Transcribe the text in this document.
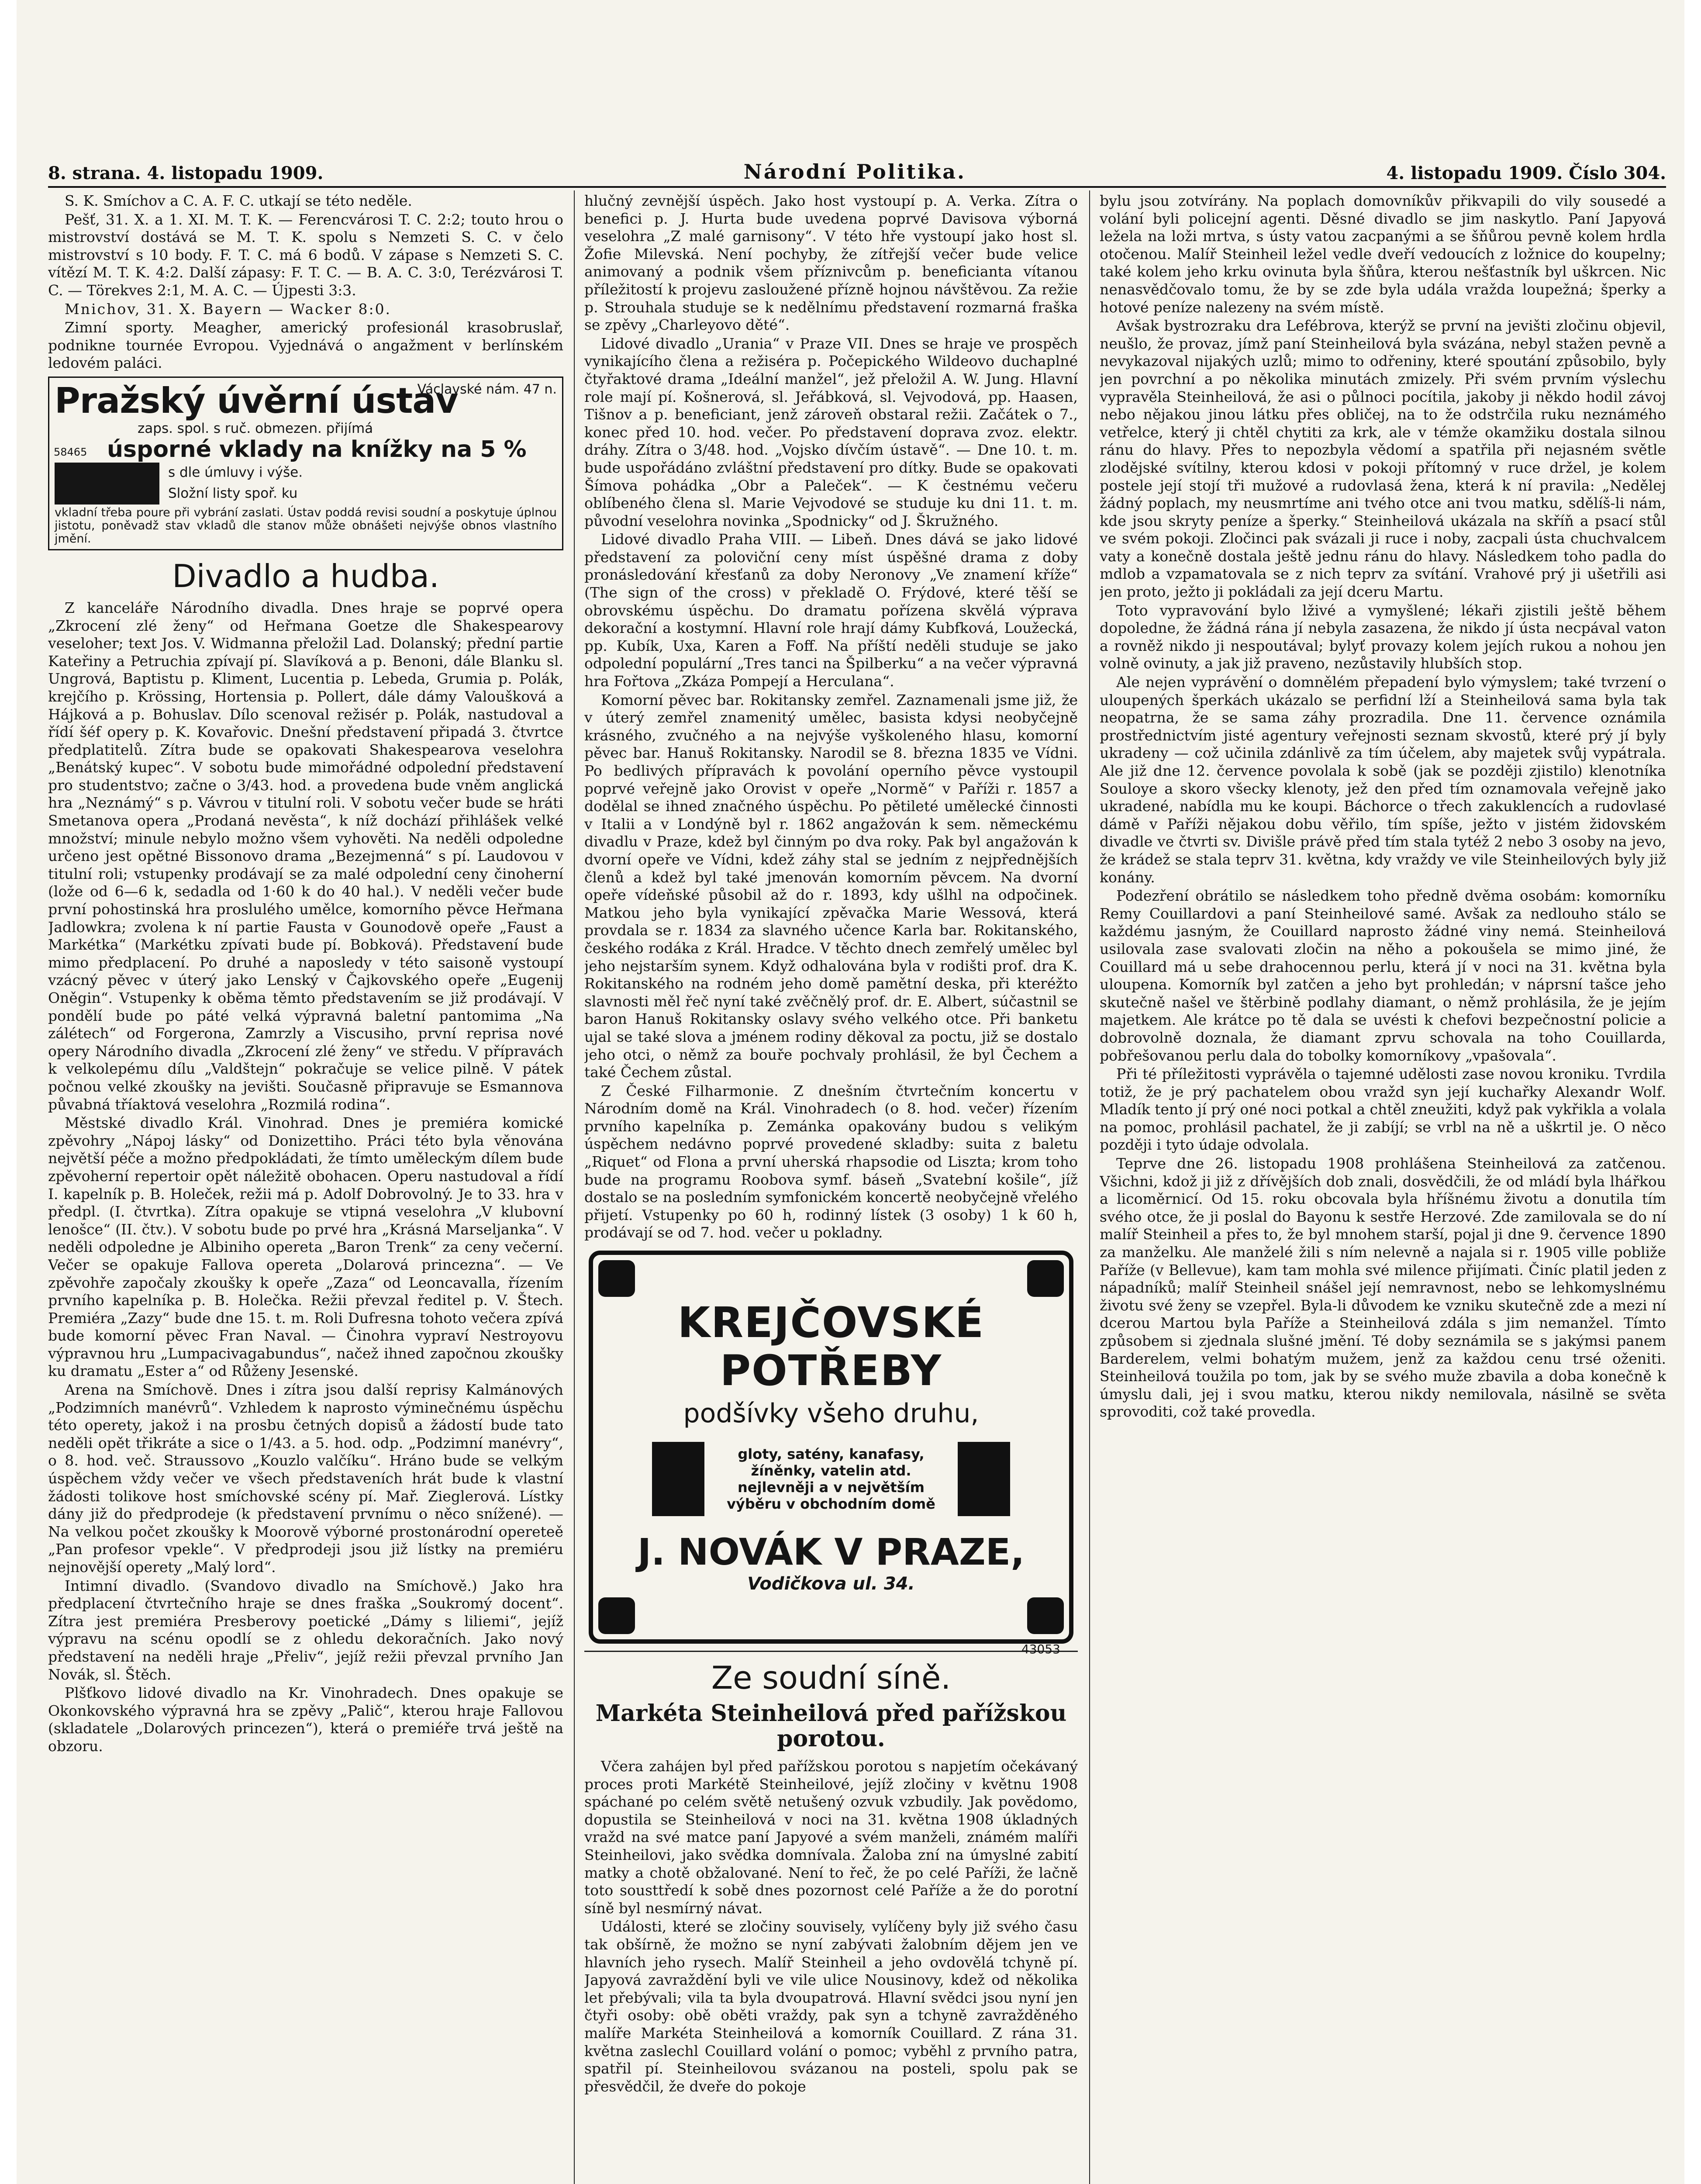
8. strana. 4. listopadu 1909.	Národní Politika.	4. listopadu 1909. Číslo 304.

S. K. Smíchov a C. A. F. C. utkají se této neděle.

Pešť, 31. X. a 1. XI. M. T. K. — Ferencvárosi T. C. 2:2; touto hrou o mistrovství dostává se M. T. K. spolu s Nemzeti S. C. v čelo mistrovství s 10 body. F. T. C. má 6 bodů. V zápase s Nemzeti S. C. vítězí M. T. K. 4:2. Další zápasy: F. T. C. — B. A. C. 3:0, Terézvárosi T. C. — Törekves 2:1, M. A. C. — Újpesti 3:3.

Mnichov, 31. X. Bayern — Wacker 8:0.

Zimní sporty. Meagher, americký profesionál krasobruslař, podnikne tournée Evropou. Vyjednává o angažment v berlínském ledovém paláci.

Pražský úvěrní ústav
Václavské nám. 47 n.
zaps. spol. s ruč. obmezen. přijímá
úsporné vklady na knížky na 5 %
58465
s dle úmluvy i výše.
Složní listy spoř. ku
vkladní třeba poure při vybrání zaslati. Ústav poddá revisi soudní a poskytuje úplnou jistotu, poněvadž stav vkladů dle stanov může obnášeti nejvýše obnos vlastního jmění.
Divadlo a hudba.

Z kanceláře Národního divadla. Dnes hraje se poprvé opera „Zkrocení zlé ženy“ od Heřmana Goetze dle Shakespearovy veseloher; text Jos. V. Widmanna přeložil Lad. Dolanský; přední partie Kateřiny a Petruchia zpívají pí. Slavíková a p. Benoni, dále Blanku sl. Ungrová, Baptistu p. Kliment, Lucentia p. Lebeda, Grumia p. Polák, krejčího p. Krössing, Hortensia p. Pollert, dále dámy Valoušková a Hájková a p. Bohuslav. Dílo scenoval režisér p. Polák, nastudoval a řídí šéf opery p. K. Kovařovic. Dnešní představení připadá 3. čtvrtce předplatitelů. Zítra bude se opakovati Shakespearova veselohra „Benátský kupec“. V sobotu bude mimořádné odpolední představení pro studentstvo; začne o 3/43. hod. a provedena bude vněm anglická hra „Neznámý“ s p. Vávrou v titulní roli. V sobotu večer bude se hráti Smetanova opera „Prodaná nevěsta“, k níž dochází přihlášek velké množství; minule nebylo možno všem vyhověti. Na neděli odpoledne určeno jest opětné Bissonovo drama „Bezejmenná“ s pí. Laudovou v titulní roli; vstupenky prodávají se za malé odpolední ceny činoherní (lože od 6—6 k, sedadla od 1·60 k do 40 hal.). V neděli večer bude první pohostinská hra proslulého umělce, komorního pěvce Heřmana Jadlowkra; zvolena k ní partie Fausta v Gounodově opeře „Faust a Markétka“ (Markétku zpívati bude pí. Bobková). Představení bude mimo předplacení. Po druhé a naposledy v této saisoně vystoupí vzácný pěvec v úterý jako Lenský v Čajkovského opeře „Eugenij Oněgin“. Vstupenky k oběma těmto představením se již prodávají. V pondělí bude po páté velká výpravná baletní pantomima „Na zálétech“ od Forgerona, Zamrzly a Viscusiho, první reprisa nové opery Národního divadla „Zkrocení zlé ženy“ ve středu. V přípravách k velkolepému dílu „Valdštejn“ pokračuje se velice pilně. V pátek počnou velké zkoušky na jevišti. Současně připravuje se Esmannova půvabná tříaktová veselohra „Rozmilá rodina“.

Městské divadlo Král. Vinohrad. Dnes je premiéra komické zpěvohry „Nápoj lásky“ od Donizettiho. Práci této byla věnována největší péče a možno předpokládati, že tímto uměleckým dílem bude zpěvoherní repertoir opět náležitě obohacen. Operu nastudoval a řídí I. kapelník p. B. Holeček, režii má p. Adolf Dobrovolný. Je to 33. hra v předpl. (I. čtvrtka). Zítra opakuje se vtipná veselohra „V klubovní lenošce“ (II. čtv.). V sobotu bude po prvé hra „Krásná Marseljanka“. V neděli odpoledne je Albiniho opereta „Baron Trenk“ za ceny večerní. Večer se opakuje Fallova opereta „Dolarová princezna“. — Ve zpěvohře započaly zkoušky k opeře „Zaza“ od Leoncavalla, řízením prvního kapelníka p. B. Holečka. Režii převzal ředitel p. V. Štech. Premiéra „Zazy“ bude dne 15. t. m. Roli Dufresna tohoto večera zpívá bude komorní pěvec Fran Naval. — Činohra vypraví Nestroyovu výpravnou hru „Lumpacivagabundus“, načež ihned započnou zkoušky ku dramatu „Ester a“ od Růženy Jesenské.

Arena na Smíchově. Dnes i zítra jsou další reprisy Kalmánových „Podzimních manévrů“. Vzhledem k naprosto výminečnému úspěchu této operety, jakož i na prosbu četných dopisů a žádostí bude tato neděli opět třikráte a sice o 1/43. a 5. hod. odp. „Podzimní manévry“, o 8. hod. več. Straussovo „Kouzlo valčíku“. Hráno bude se velkým úspěchem vždy večer ve všech představeních hrát bude k vlastní žádosti tolikove host smíchovské scény pí. Mař. Zieglerová. Lístky dány již do předprodeje (k představení prvnímu o něco snížené). — Na velkou počet zkoušky k Moorově výborné prostonárodní opereteě „Pan profesor vpekle“. V předprodeji jsou již lístky na premiéru nejnovější operety „Malý lord“.

Intimní divadlo. (Svandovo divadlo na Smíchově.) Jako hra předplacení čtvrtečního hraje se dnes fraška „Soukromý docent“. Zítra jest premiéra Presberovy poetické „Dámy s liliemi“, jejíž výpravu na scénu opodlí se z ohledu dekoračních. Jako nový představení na neděli hraje „Přeliv“, jejíž režii převzal prvního Jan Novák, sl. Štěch.

Plšťkovo lidové divadlo na Kr. Vinohradech. Dnes opakuje se Okonkovského výpravná hra se zpěvy „Palič“, kterou hraje Fallovou (skladatele „Dolarových princezen“), která o premiéře trvá ještě na obzoru.

hlučný zevnější úspěch. Jako host vystoupí p. A. Verka. Zítra o benefici p. J. Hurta bude uvedena poprvé Davisova výborná veselohra „Z malé garnisony“. V této hře vystoupí jako host sl. Žofie Milevská. Není pochyby, že zítřejší večer bude velice animovaný a podnik všem příznivcům p. beneficianta vítanou příležitostí k projevu zasloužené přízně hojnou návštěvou. Za režie p. Strouhala studuje se k nedělnímu představení rozmarná fraška se zpěvy „Charleyovo děté“.

Lidové divadlo „Urania“ v Praze VII. Dnes se hraje ve prospěch vynikajícího člena a režiséra p. Počepického Wildeovo duchaplné čtyřaktové drama „Ideální manžel“, jež přeložil A. W. Jung. Hlavní role mají pí. Košnerová, sl. Jeřábková, sl. Vejvodová, pp. Haasen, Tišnov a p. beneficiant, jenž zároveň obstaral režii. Začátek o 7., konec před 10. hod. večer. Po představení doprava zvoz. elektr. dráhy. Zítra o 3/48. hod. „Vojsko dívčím ústavě“. — Dne 10. t. m. bude uspořádáno zvláštní představení pro dítky. Bude se opakovati Šímova pohádka „Obr a Paleček“. — K čestnému večeru oblíbeného člena sl. Marie Vejvodové se studuje ku dni 11. t. m. původní veselohra novinka „Spodnicky“ od J. Škružného.

Lidové divadlo Praha VIII. — Libeň. Dnes dává se jako lidové představení za poloviční ceny míst úspěšné drama z doby pronásledování křesťanů za doby Neronovy „Ve znamení kříže“ (The sign of the cross) v překladě O. Frýdové, které těší se obrovskému úspěchu. Do dramatu pořízena skvělá výprava dekorační a kostymní. Hlavní role hrají dámy Kubfková, Loužecká, pp. Kubík, Uxa, Karen a Foff. Na příští neděli studuje se jako odpolední populární „Tres tanci na Špilberku“ a na večer výpravná hra Fořtova „Zkáza Pompejí a Herculana“.

Komorní pěvec bar. Rokitansky zemřel. Zaznamenali jsme již, že v úterý zemřel znamenitý umělec, basista kdysi neobyčejně krásného, zvučného a na nejvýše vyškoleného hlasu, komorní pěvec bar. Hanuš Rokitansky. Narodil se 8. března 1835 ve Vídni. Po bedlivých přípravách k povolání operního pěvce vystoupil poprvé veřejně jako Orovist v opeře „Normě“ v Paříži r. 1857 a dodělal se ihned značného úspěchu. Po pětileté umělecké činnosti v Italii a v Londýně byl r. 1862 angažován k sem. německému divadlu v Praze, kdež byl činným po dva roky. Pak byl angažován k dvorní opeře ve Vídni, kdež záhy stal se jedním z nejpřednějších členů a kdež byl také jmenován komorním pěvcem. Na dvorní opeře vídeňské působil až do r. 1893, kdy ušlhl na odpočinek. Matkou jeho byla vynikající zpěvačka Marie Wessová, která provdala se r. 1834 za slavného učence Karla bar. Rokitanského, českého rodáka z Král. Hradce. V těchto dnech zemřelý umělec byl jeho nejstarším synem. Když odhalována byla v rodišti prof. dra K. Rokitanského na rodném jeho domě pamětní deska, při kteréžto slavnosti měl řeč nyní také zvěčnělý prof. dr. E. Albert, súčastnil se baron Hanuš Rokitansky oslavy svého velkého otce. Při banketu ujal se také slova a jménem rodiny děkoval za poctu, již se dostalo jeho otci, o němž za bouře pochvaly prohlásil, že byl Čechem a také Čechem zůstal.

Z České Filharmonie. Z dnešním čtvrtečním koncertu v Národním domě na Král. Vinohradech (o 8. hod. večer) řízením prvního kapelníka p. Zemánka opakovány budou s velikým úspěchem nedávno poprvé provedené skladby: suita z baletu „Riquet“ od Flona a první uherská rhapsodie od Liszta; krom toho bude na programu Roobova symf. báseň „Svatební košile“, jíž dostalo se na posledním symfonickém koncertě neobyčejně vřelého přijetí. Vstupenky po 60 h, rodinný lístek (3 osoby) 1 k 60 h, prodávají se od 7. hod. večer u pokladny.

KREJČOVSKÉ POTŘEBY
podšívky všeho druhu,
gloty, satény, kanafasy, žíněnky, vatelin atd. nejlevněji a v největším výběru v obchodním domě
J. NOVÁK V PRAZE,
Vodičkova ul. 34.
43053
Ze soudní síně.
Markéta Steinheilová před pařížskou porotou.

Včera zahájen byl před pařížskou porotou s napjetím očekávaný proces proti Markétě Steinheilové, jejíž zločiny v květnu 1908 spáchané po celém světě netušený ozvuk vzbudily. Jak povědomo, dopustila se Steinheilová v noci na 31. května 1908 úkladných vražd na své matce paní Japyové a svém manželi, známém malíři Steinheilovi, jako svědka domnívala. Žaloba zní na úmyslné zabití matky a chotě obžalované. Není to řeč, že po celé Paříži, že lačně toto sousttředí k sobě dnes pozornost celé Paříže a že do porotní síně byl nesmírný návat.

Události, které se zločiny souvisely, vylíčeny byly již svého času tak obšírně, že možno se nyní zabývati žalobním dějem jen ve hlavních jeho rysech. Malíř Steinheil a jeho ovdovělá tchyně pí. Japyová zavraždění byli ve vile ulice Nousinovy, kdež od několika let přebývali; vila ta byla dvoupatrová. Hlavní svědci jsou nyní jen čtyři osoby: obě oběti vraždy, pak syn a tchyně zavražděného malíře Markéta Steinheilová a komorník Couillard. Z rána 31. května zaslechl Couillard volání o pomoc; vyběhl z prvního patra, spatřil pí. Steinheilovou svázanou na posteli, spolu pak se přesvědčil, že dveře do pokoje

bylu jsou zotvírány. Na poplach domovníkův přikvapili do vily sousedé a volání byli policejní agenti. Děsné divadlo se jim naskytlo. Paní Japyová ležela na loži mrtva, s ústy vatou zacpanými a se šňůrou pevně kolem hrdla otočenou. Malíř Steinheil ležel vedle dveří vedoucích z ložnice do koupelny; také kolem jeho krku ovinuta byla šňůra, kterou nešťastník byl uškrcen. Nic nenasvědčovalo tomu, že by se zde byla udála vražda loupežná; šperky a hotové peníze nalezeny na svém místě.

Avšak bystrozraku dra Lefébrova, kterýž se první na jevišti zločinu objevil, neušlo, že provaz, jímž paní Steinheilová byla svázána, nebyl stažen pevně a nevykazoval nijakých uzlů; mimo to odřeniny, které spoutání způsobilo, byly jen povrchní a po několika minutách zmizely. Při svém prvním výslechu vypravěla Steinheilová, že asi o půlnoci pocítila, jakoby ji někdo hodil závoj nebo nějakou jinou látku přes obličej, na to že odstrčila ruku neznámého vetřelce, který ji chtěl chytiti za krk, ale v témže okamžiku dostala silnou ránu do hlavy. Přes to nepozbyla vědomí a spatřila při nejasném světle zlodějské svítilny, kterou kdosi v pokoji přítomný v ruce držel, je kolem postele její stojí tři mužové a rudovlasá žena, která k ní pravila: „Nedělej žádný poplach, my neusmrtíme ani tvého otce ani tvou matku, sdělíš-li nám, kde jsou skryty peníze a šperky.“ Steinheilová ukázala na skříň a psací stůl ve svém pokoji. Zločinci pak svázali ji ruce i noby, zacpali ústa chuchvalcem vaty a konečně dostala ještě jednu ránu do hlavy. Následkem toho padla do mdlob a vzpamatovala se z nich teprv za svítání. Vrahové prý ji ušetřili asi jen proto, ježto ji pokládali za její dceru Martu.

Toto vypravování bylo lživé a vymyšlené; lékaři zjistili ještě během dopoledne, že žádná rána jí nebyla zasazena, že nikdo jí ústa necpával vaton a rovněž nikdo ji nespoutával; bylyť provazy kolem jejích rukou a nohou jen volně ovinuty, a jak již praveno, nezůstavily hlubších stop.

Ale nejen vyprávění o domnělém přepadení bylo výmyslem; také tvrzení o uloupených šperkách ukázalo se perfidní lží a Steinheilová sama byla tak neopatrna, že se sama záhy prozradila. Dne 11. července oznámila prostřednictvím jisté agentury veřejnosti seznam skvostů, které prý jí byly ukradeny — což učinila zdánlivě za tím účelem, aby majetek svůj vypátrala. Ale již dne 12. července povolala k sobě (jak se později zjistilo) klenotníka Souloye a skoro všecky klenoty, jež den před tím oznamovala veřejně jako ukradené, nabídla mu ke koupi. Báchorce o třech zakuklencích a rudovlasé dámě v Paříži nějakou dobu věřilo, tím spíše, ježto v jistém židovském divadle ve čtvrti sv. Divišle právě před tím stala tytéž 2 nebo 3 osoby na jevo, že krádež se stala teprv 31. května, kdy vraždy ve vile Steinheilových byly již konány.

Podezření obrátilo se následkem toho předně dvěma osobám: komorníku Remy Couillardovi a paní Steinheilové samé. Avšak za nedlouho stálo se každému jasným, že Couillard naprosto žádné viny nemá. Steinheilová usilovala zase svalovati zločin na něho a pokoušela se mimo jiné, že Couillard má u sebe drahocennou perlu, která jí v noci na 31. května byla uloupena. Komorník byl zatčen a jeho byt prohledán; v náprsní tašce jeho skutečně našel ve štěrbině podlahy diamant, o němž prohlásila, že je jejím majetkem. Ale krátce po tě dala se uvésti k chefovi bezpečnostní policie a dobrovolně doznala, že diamant zprvu schovala na toho Couillarda, pobřešovanou perlu dala do tobolky komorníkovy „vpašovala“.

Při té příležitosti vyprávěla o tajemné udělosti zase novou kroniku. Tvrdila totiž, že je prý pachatelem obou vražd syn její kuchařky Alexandr Wolf. Mladík tento jí prý oné noci potkal a chtěl zneužiti, když pak vykřikla a volala na pomoc, prohlásil pachatel, že ji zabíjí; se vrbl na ně a uškrtil je. O něco později i tyto údaje odvolala.

Teprve dne 26. listopadu 1908 prohlášena Steinheilová za zatčenou. Všichni, kdož ji již z dřívějších dob znali, dosvědčili, že od mládí byla lhářkou a licoměrnicí. Od 15. roku obcovala byla hříšnému životu a donutila tím svého otce, že ji poslal do Bayonu k sestře Herzové. Zde zamilovala se do ní malíř Steinheil a přes to, že byl mnohem starší, pojal ji dne 9. července 1890 za manželku. Ale manželé žili s ním nelevně a najala si r. 1905 ville pobliže Paříže (v Bellevue), kam tam mohla své milence přijímati. Činíc platil jeden z nápadníků; malíř Steinheil snášel její nemravnost, nebo se lehkomyslnému životu své ženy se vzepřel. Byla-li důvodem ke vzniku skutečně zde a mezi ní dcerou Martou byla Paříže a Steinheilová zdála s jim nemanžel. Tímto způsobem si zjednala slušné jmění. Té doby seznámila se s jakýmsi panem Barderelem, velmi bohatým mužem, jenž za každou cenu trsé oženiti. Steinheilová toužila po tom, jak by se svého muže zbavila a doba konečně k úmyslu dali, jej i svou matku, kterou nikdy nemilovala, násilně se světa sprovoditi, což také provedla.
